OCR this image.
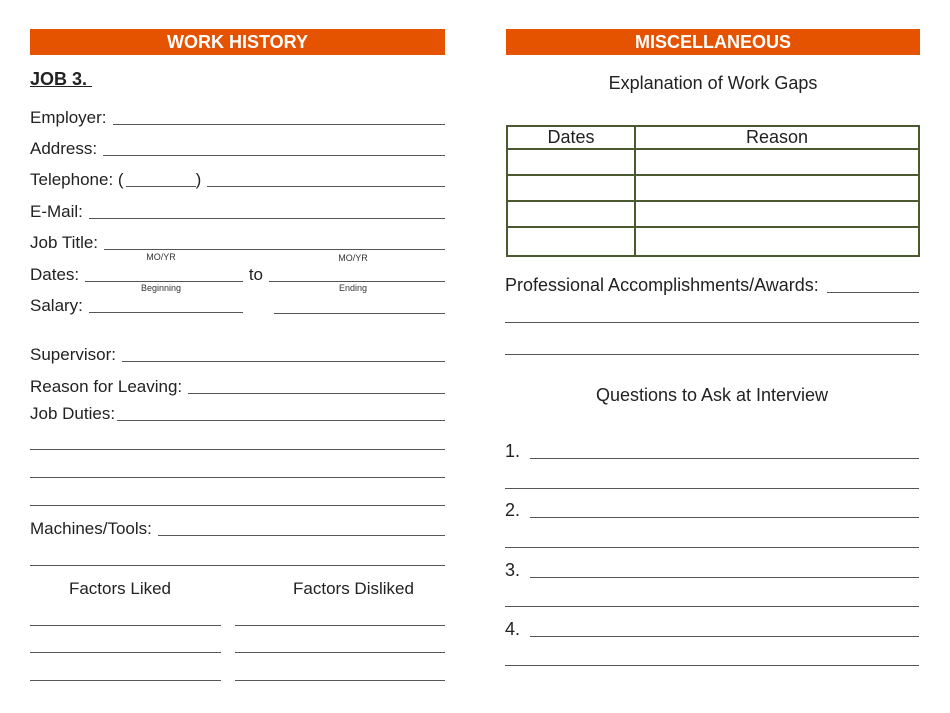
WORK HISTORY
JOB 3.

Employer:
Address:
Telephone: (	)
E-Mail:
Job Title:
MO/YR	MO/YR
Dates:	to
Beginning	Ending
Salary:
Supervisor:
Reason for Leaving:
Job Duties:
Machines/Tools:
Factors Liked	Factors Disliked
MISCELLANEOUS
Explanation of Work Gaps
Dates	Reason

Professional Accomplishments/Awards:
Questions to Ask at Interview
1.
2.
3.
4.
